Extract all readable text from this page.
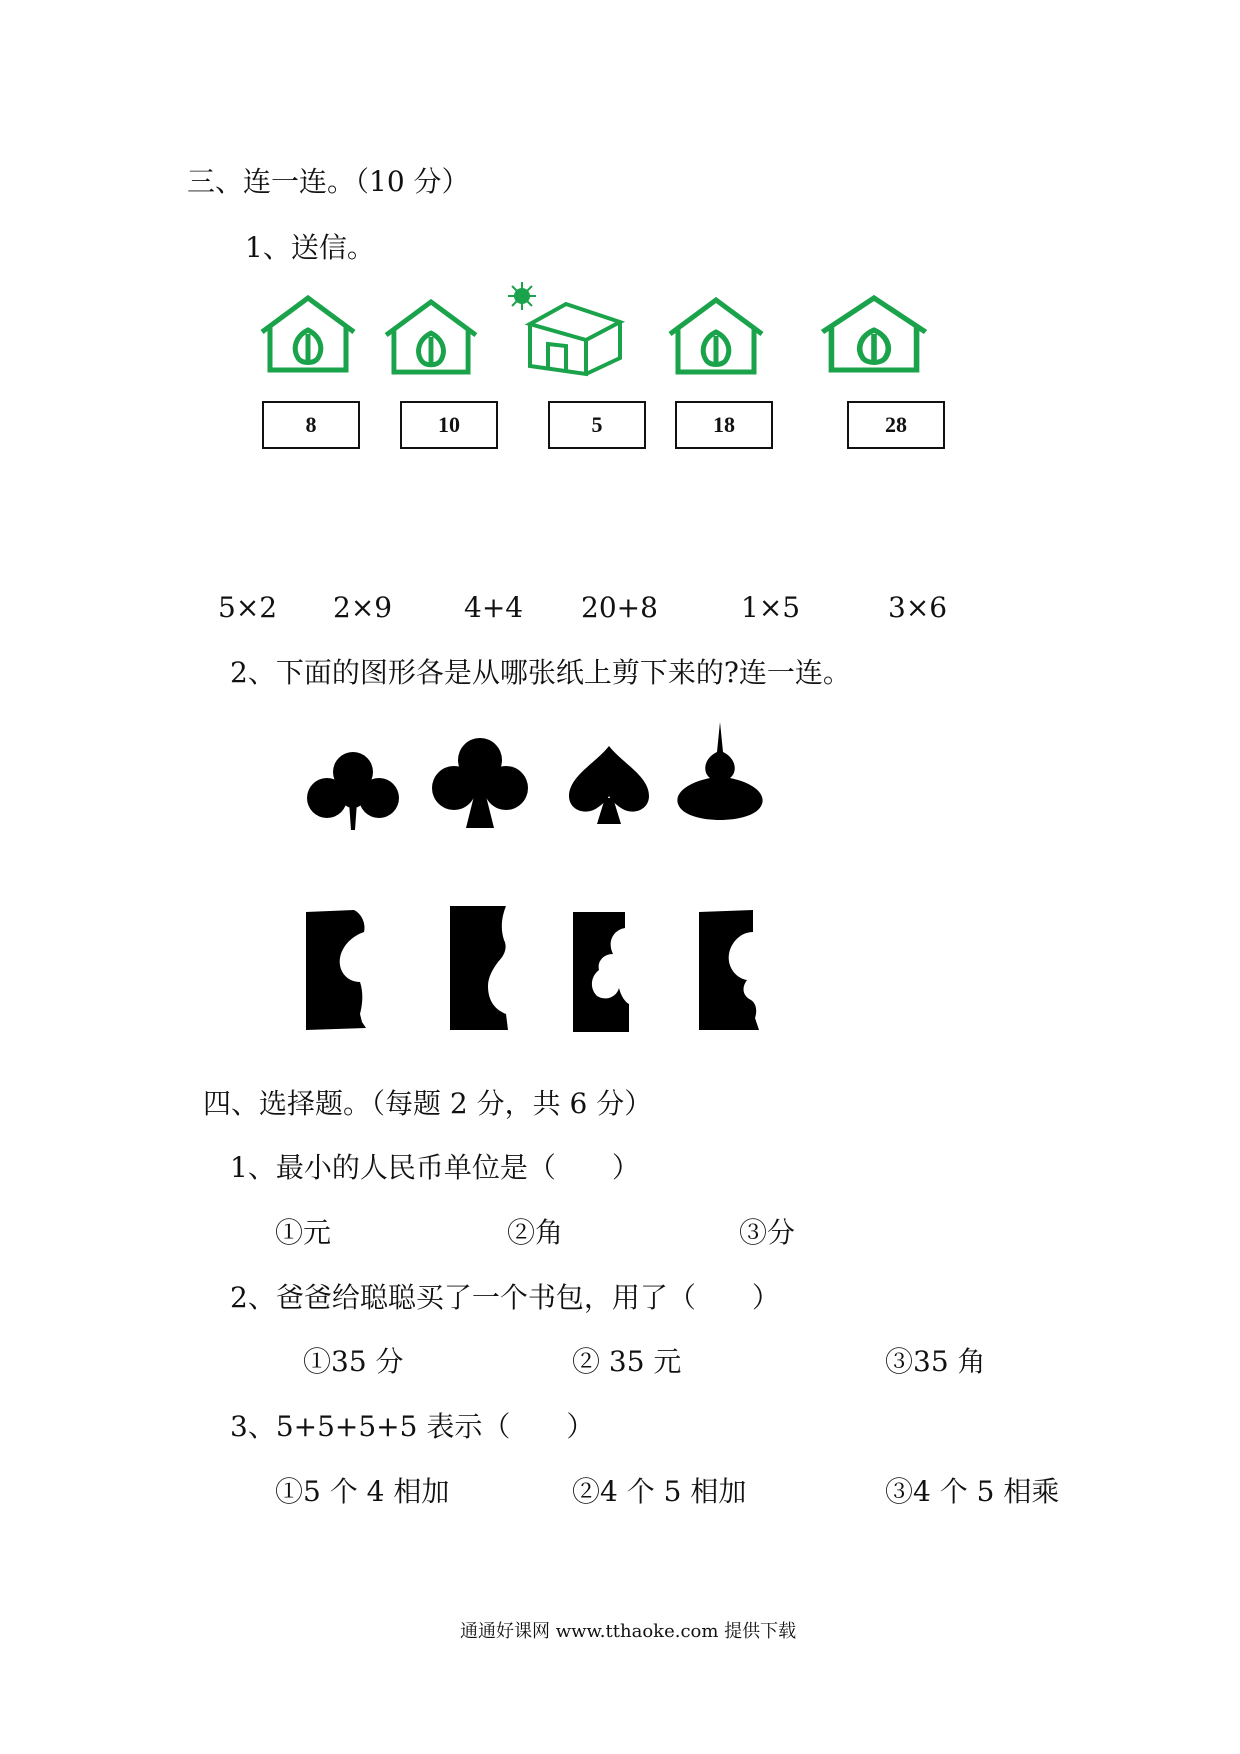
三、连一连。（10 分）
1、送信。
8	10	5	18	28
5×2 2×9	4+4 20+8	1×5	3×6
2、下面的图形各是从哪张纸上剪下来的?连一连。
四、选择题。（每题 2 分，共 6 分）
1、最小的人民币单位是（　　）
①元	②角	③分
2、爸爸给聪聪买了一个书包，用了（　　）
①35 分	② 35 元	③35 角
3、5+5+5+5 表示（　　）
①5 个 4 相加	②4 个 5 相加	③4 个 5 相乘
通通好课网 www.tthaoke.com 提供下载
